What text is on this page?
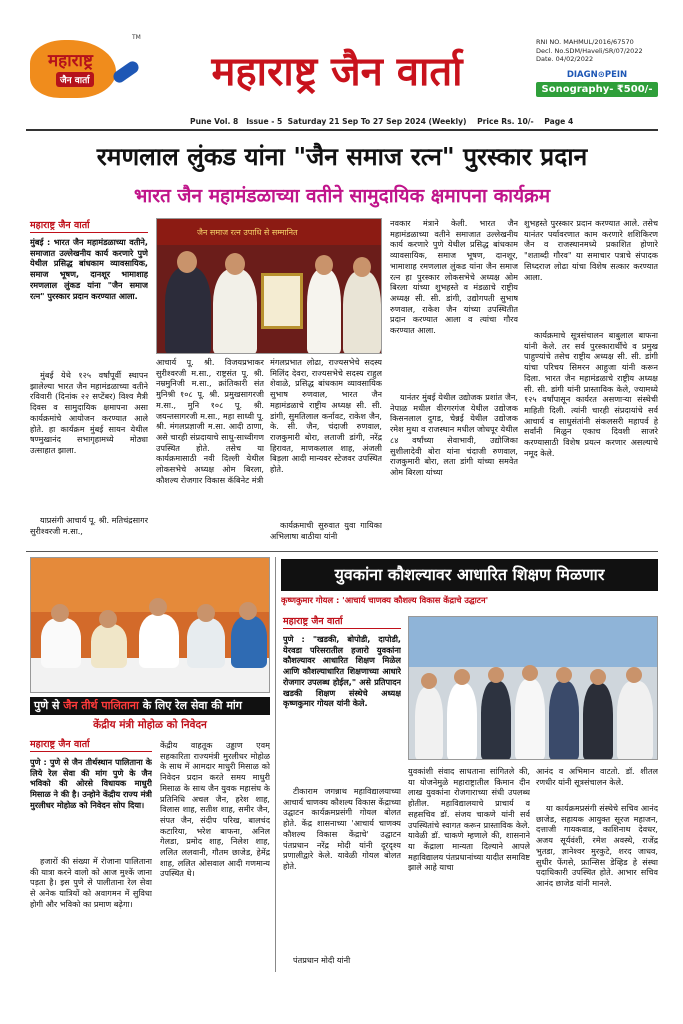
महाराष्ट्र
जैन वार्ता
TM
महाराष्ट्र जैन वार्ता
RNI NO. MAHMUL/2016/67570
Decl. No.SDM/Haveli/SR/07/2022
Date. 04/02/2022
DIAGN⊙PEIN
Sonography- ₹500/-
Pune Vol. 8   Issue - 5  Saturday 21 Sep To 27 Sep 2024 (Weekly)    Price Rs. 10/-    Page 4
रमणलाल लुंकड यांना "जैन समाज रत्न" पुरस्कार प्रदान
भारत जैन महामंडळाच्या वतीने सामुदायिक क्षमापना कार्यक्रम
महाराष्ट्र जैन वार्ता
मुंबई : भारत जैन महामंडळाच्या वतीने, समाजात उल्लेखनीय कार्य करणारे पुणे येथील प्रसिद्ध बांधकाम व्यावसायिक, समाज भूषण, दानशूर भामाशाह रमणलाल लुंकड यांना "जैन समाज रत्न" पुरस्कार प्रदान करण्यात आला.
मुंबई येथे १२५ वर्षांपूर्वी स्थापन झालेल्या भारत जैन महामंडळाच्या वतीने रविवारी (दिनांक २२ सप्टेंबर) विश्व मैत्री दिवस व सामुदायिक क्षमापना असा कार्यक्रमांचे आयोजन करण्यात आले होते. हा कार्यक्रम मुंबई सायन येथील षण्मुखानंद सभागृहामध्ये मोठ्या उत्साहात झाला.
याप्रसंगी आचार्य पू. श्री. मतिचंद्रसागर सुरीश्वरजी म.सा.,
जैन समाज रत्न उपाधि से सम्मानित
आचार्य पू. श्री. विजयप्रभाकर सुरीश्वरजी म.सा., राष्ट्रसंत पू. श्री. नम्रमुनिजी म.सा., क्रांतिकारी संत मुनिश्री १०८ पू. श्री. प्रमुखसागरजी म.सा., मुनि १०८ पू. श्री. जयन्तसागरजी म.सा., महा साध्वी पू. श्री. मंगलप्रज्ञाजी म.सा. आदी ठाणा, असे चारही संप्रदायाचे साधु-साध्वीगण उपस्थित होते. तसेच या कार्यक्रमासाठी नवी दिल्ली येथील लोकसभेचे अध्यक्ष ओम बिरला, कौशल्य रोजगार विकास कॅबिनेट मंत्री
मंगलप्रभात लोढा, राज्यसभेचे सदस्य मिलिंद देवरा, राज्यसभेचे सदस्य राहुल शेवाळे, प्रसिद्ध बांधकाम व्यावसायिक सुभाष रुणवाल, भारत जैन महामंडळाचे राष्ट्रीय अध्यक्ष सी. सी. डांगी, सुमतिलाल कर्नावट, राकेश जैन, के. सी. जैन, चंदाजी रुणवाल, राजकुमारी बोरा, लताजी डांगी, नरेंद्र हिरावत, माणकलाल शाह, अंजली बिड़ला आदी मान्यवर स्टेजवर उपस्थित होते.
कार्यक्रमाची सुरुवात युवा गायिका अभिलाषा बाठीया यांनी
नवकार मंत्राने केली. भारत जैन महामंडळाच्या वतीने समाजात उल्लेखनीय कार्य करणारे पुणे येथील प्रसिद्ध बांधकाम व्यावसायिक, समाज भूषण, दानशूर, भामाशाह रमणलाल लुंकड यांना जैन समाज रत्न हा पुरस्कार लोकसभेचे अध्यक्ष ओम बिरला यांच्या शुभहस्ते व मंडळाचे राष्ट्रीय अध्यक्ष सी. सी. डांगी, उद्योगपती सुभाष रुणवाल, राकेश जैन यांच्या उपस्थितीत प्रदान करण्यात आला व त्यांचा गौरव करण्यात आला.
यानंतर मुंबई येथील उद्योजक प्रशांत जैन, नेपाळ मधील वीरगरगंज येथील उद्योजक किसनलाल दुगड, चेन्नई येथील उद्योजक रमेश मुथा व राजस्थान मधील जोधपूर येथील ८४ वर्षांच्या सेवाभावी, उद्योजिका सुशीलादेवी बोरा यांना चंदाजी रुणवाल, राजकुमारी बोरा, लता डांगी यांच्या समवेत ओम बिरला यांच्या
शुभहस्ते पुरस्कार प्रदान करण्यात आले. तसेच यानंतर पर्यावरणात काम करणारे शशिकिरण जैन व राजस्थानमध्ये प्रकाशित होणारे "शताब्दी गौरव" या समाचार पत्राचे संपादक सिध्दराज लोढा यांचा विशेष सत्कार करण्यात आला.
कार्यक्रमाचे सूत्रसंचालन बाबुलाल बाफना यांनी केले. तर सर्व पुरस्कारार्थींचे व प्रमुख पाहुण्यांचे तसेच राष्ट्रीय अध्यक्ष सी. सी. डांगी यांचा परिचय सिमरन आहुजा यांनी करून दिला. भारत जैन महामंडळाचे राष्ट्रीय अध्यक्ष सी. सी. डांगी यांनी प्रास्ताविक केले, ज्यामध्ये १२५ वर्षांपासून कार्यरत असणाऱ्या संस्थेची माहिती दिली. त्यांनी चारही संप्रदायांचे सर्व आचार्य व साधुसंतांनी संकलसरी महापर्व हे सर्वांनी मिळुन एकाच दिवशी साजरे करण्यासाठी विशेष प्रयत्न करणार असल्याचे नमूद केले.
पुणे से जैन तीर्थ पालिताना के लिए रेल सेवा की मांग
केंद्रीय मंत्री मोहोळ को निवेदन
महाराष्ट्र जैन वार्ता
पुणे : पुणे से जैन तीर्थस्थान पालिताना के लिये रेल सेवा की मांग पुणे के जैन भविको की ओरसे विधायक माधुरी मिसाळ ने की है। उन्होने केंद्रीय राज्य मंत्री मुरलीधर मोहोळ को निवेदन सोप दिया।
हजारों की संख्या में रोजाना पालिताना की यात्रा करने वालो को आज मुश्कें जाना पड़ता है। इस पुणे से पालीताना रेल सेवा से अनेक यात्रियों को अवागमन में सुविधा होगी और भविको का प्रमाण बढ़ेगा।
केंद्रीय वाहतूक उड्डाण एवम् सहकारिता राज्यमंत्री मुरलीधर मोहोळ के साथ में आमदार माधुरी मिसाळ को निवेदन प्रदान करते समय माधुरी मिसाळ के साथ जैन युवक महासंघ के प्रतिनिधि अचल जैन, हरेश शाह, विलास शाह, सतीश शाह, समीर जैन, संपत जैन, संदीप परिख, बालचंद कटारिया, भरेश बाफना, अनिल गेलडा, प्रमोद शाह, निलेश शाह, ललित ललवानी, गौतम छाजेड, हेमेंद्र शाह, ललित ओसवाल आदी गणमान्य उपस्थित थे।
युवकांना कौशल्यावर आधारित शिक्षण मिळणार
कृष्णकुमार गोयल : 'आचार्य चाणक्य कौशल्य विकास केंद्राचे उद्घाटन'
महाराष्ट्र जैन वार्ता
पुणे : "खडकी, बोपोडी, दापोडी, येरवडा परिसरातील हजारो युवकांना कौशल्यावर आधारित शिक्षण मिळेल आणि कौशल्याधारित शिक्षणाच्या आधारे रोजगार उपलब्ध होईल," असे प्रतिपादन खडकी शिक्षण संस्थेचे अध्यक्ष कृष्णकुमार गोयल यांनी केले.
टीकाराम जगन्नाथ महाविद्यालयाच्या आचार्य चाणक्य कौशल्य विकास केंद्राच्या उद्घाटन कार्यक्रमप्रसंगी गोयल बोलत होते. केंद्र शासनाच्या 'आचार्य चाणक्य कौशल्य विकास केंद्राचे' उद्घाटन पंतप्रधान नरेंद्र मोदी यांनी दूरदृश्य प्रणालीद्वारे केले. यावेळी गोयल बोलत होते.
पंतप्रधान मोदी यांनी
युवकांशी संवाद साधताना सांगितले की, या योजनेमुळे महाराष्ट्रातील किमान दीन लाख युवकांना रोजगाराच्या संधी उपलब्ध होतील. महाविद्यालयाचे प्राचार्य व सहसचिव डॉ. संजय चाकणे यांनी सर्व उपस्थितांचे स्वागत करून प्रास्ताविक केले. यावेळी डॉ. चाकणे म्हणाले की, शासनाने या केंद्राला मान्यता दिल्याने आपले महाविद्यालय पंतप्रधानांच्या यादीत समाविष्ट झाले आहे याचा
आनंद व अभिमान वाटतो. डॉ. शीतल रणधीर यांनी सूत्रसंचालन केले.
या कार्यक्रमप्रसंगी संस्थेचे सचिव आनंद छाजेड, सहायक आयुक्त सूरज महाजन, दत्ताजी गायकवाड, काशिनाथ देवधर, अजय सूर्यवंशी, रमेश अवस्थे, राजेंद्र भुतडा, ज्ञानेश्वर मुरकुटे, शरद जाधव, सुधीर फेंगसे, फ्रान्सिस डेव्हिड हे संस्था पदाधिकारी उपस्थित होते. आभार सचिव आनंद छाजेड यांनी मानले.
